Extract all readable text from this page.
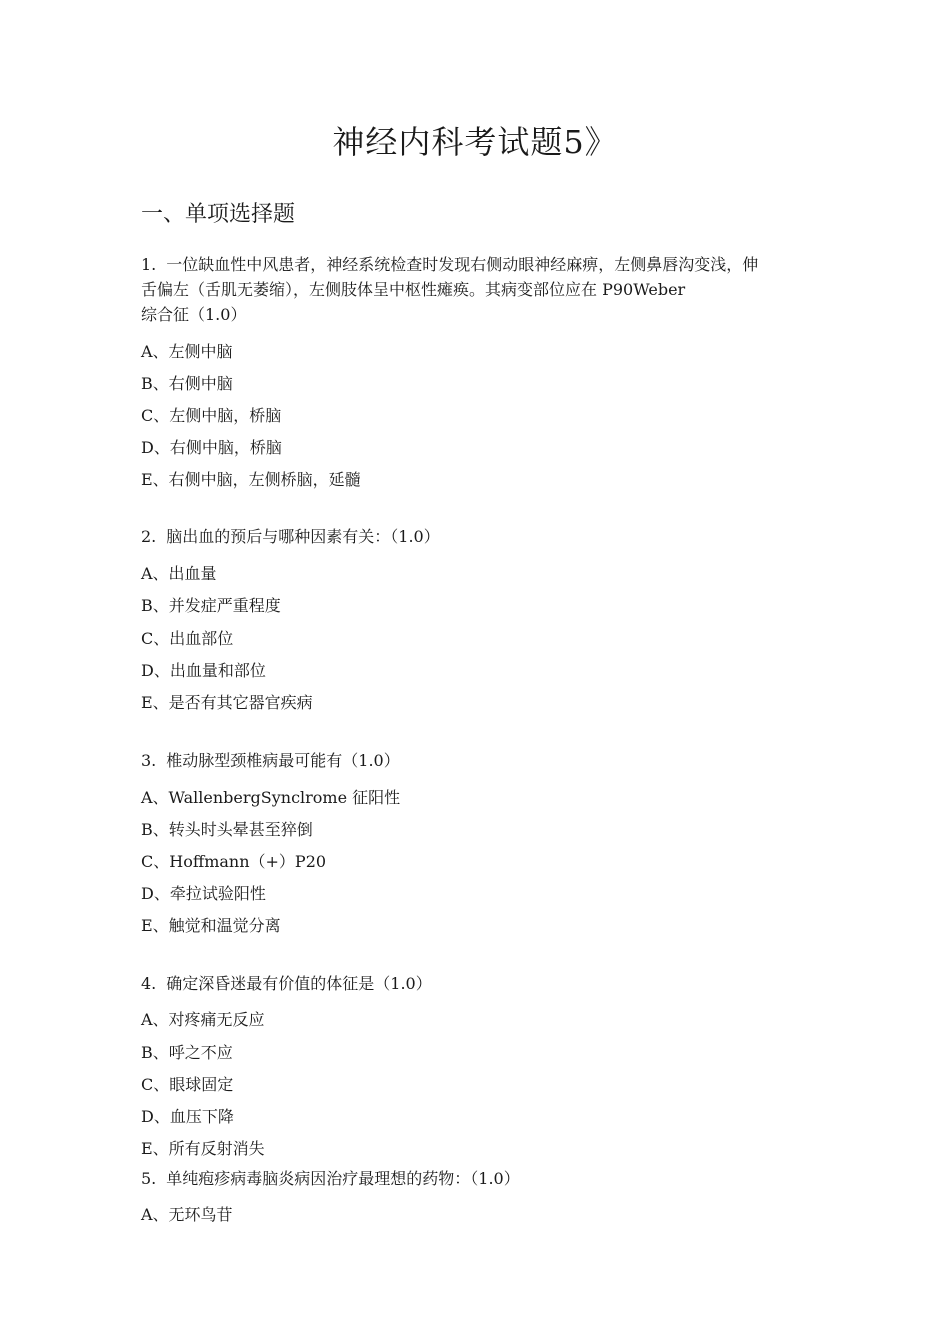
神经内科考试题5》
一、单项选择题
1. 一位缺血性中风患者，神经系统检查时发现右侧动眼神经麻痹，左侧鼻唇沟变浅，伸
舌偏左（舌肌无萎缩），左侧肢体呈中枢性瘫痪。其病变部位应在 P90Weber
综合征（1.0）
A、左侧中脑
B、右侧中脑
C、左侧中脑，桥脑
D、右侧中脑，桥脑
E、右侧中脑，左侧桥脑，延髓
2. 脑出血的预后与哪种因素有关：（1.0）
A、出血量
B、并发症严重程度
C、出血部位
D、出血量和部位
E、是否有其它器官疾病
3. 椎动脉型颈椎病最可能有（1.0）
A、WallenbergSynclrome 征阳性
B、转头时头晕甚至猝倒
C、Hoffmann（+）P20
D、牵拉试验阳性
E、触觉和温觉分离
4. 确定深昏迷最有价值的体征是（1.0）
A、对疼痛无反应
B、呼之不应
C、眼球固定
D、血压下降
E、所有反射消失
5. 单纯疱疹病毒脑炎病因治疗最理想的药物：（1.0）
A、无环鸟苷
